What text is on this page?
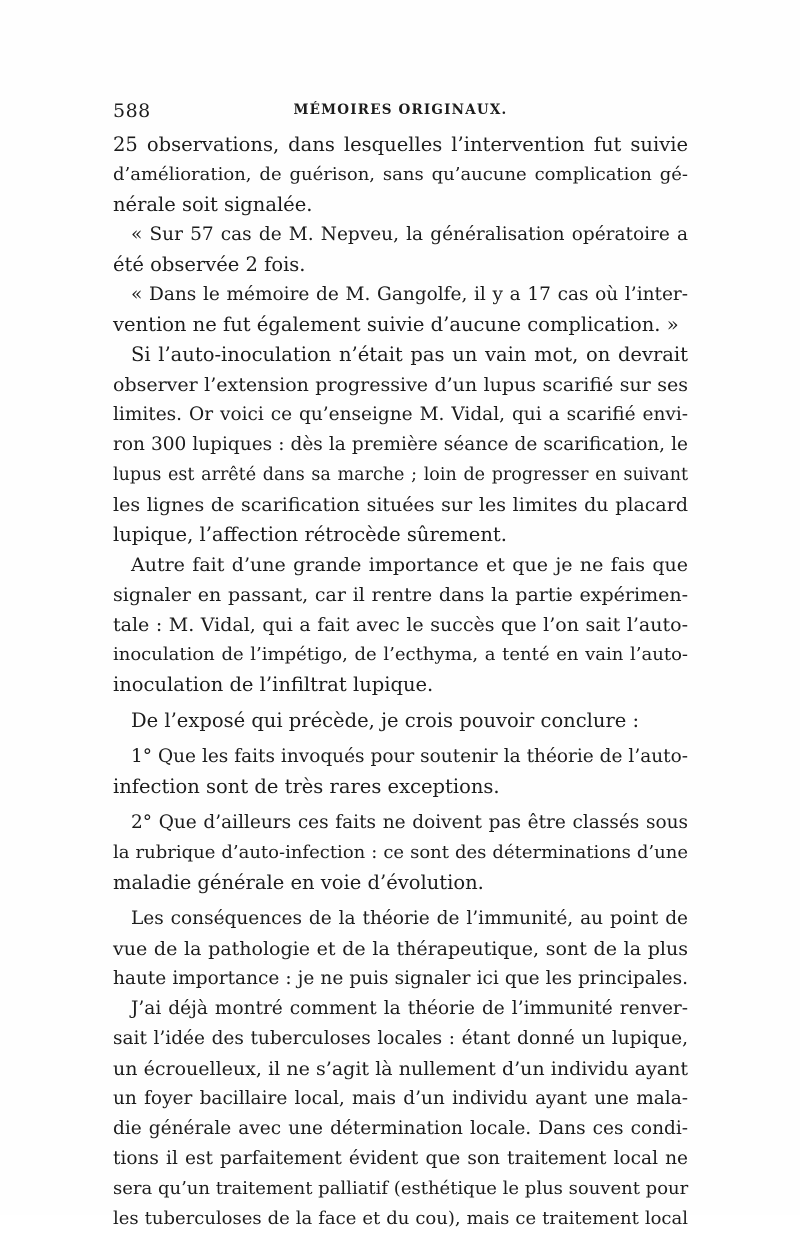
588	MÉMOIRES ORIGINAUX.
25 observations, dans lesquelles l’intervention fut suivie
d’amélioration, de guérison, sans qu’aucune complication gé-
nérale soit signalée.
« Sur 57 cas de M. Nepveu, la généralisation opératoire a
été observée 2 fois.
« Dans le mémoire de M. Gangolfe, il y a 17 cas où l’inter-
vention ne fut également suivie d’aucune complication. »
Si l’auto-inoculation n’était pas un vain mot, on devrait
observer l’extension progressive d’un lupus scarifié sur ses
limites. Or voici ce qu’enseigne M. Vidal, qui a scarifié envi-
ron 300 lupiques : dès la première séance de scarification, le
lupus est arrêté dans sa marche ; loin de progresser en suivant
les lignes de scarification situées sur les limites du placard
lupique, l’affection rétrocède sûrement.
Autre fait d’une grande importance et que je ne fais que
signaler en passant, car il rentre dans la partie expérimen-
tale : M. Vidal, qui a fait avec le succès que l’on sait l’auto-
inoculation de l’impétigo, de l’ecthyma, a tenté en vain l’auto-
inoculation de l’infiltrat lupique.
De l’exposé qui précède, je crois pouvoir conclure :
1° Que les faits invoqués pour soutenir la théorie de l’auto-
infection sont de très rares exceptions.
2° Que d’ailleurs ces faits ne doivent pas être classés sous
la rubrique d’auto-infection : ce sont des déterminations d’une
maladie générale en voie d’évolution.
Les conséquences de la théorie de l’immunité, au point de
vue de la pathologie et de la thérapeutique, sont de la plus
haute importance : je ne puis signaler ici que les principales.
J’ai déjà montré comment la théorie de l’immunité renver-
sait l’idée des tuberculoses locales : étant donné un lupique,
un écrouelleux, il ne s’agit là nullement d’un individu ayant
un foyer bacillaire local, mais d’un individu ayant une mala-
die générale avec une détermination locale. Dans ces condi-
tions il est parfaitement évident que son traitement local ne
sera qu’un traitement palliatif (esthétique le plus souvent pour
les tuberculoses de la face et du cou), mais ce traitement local
